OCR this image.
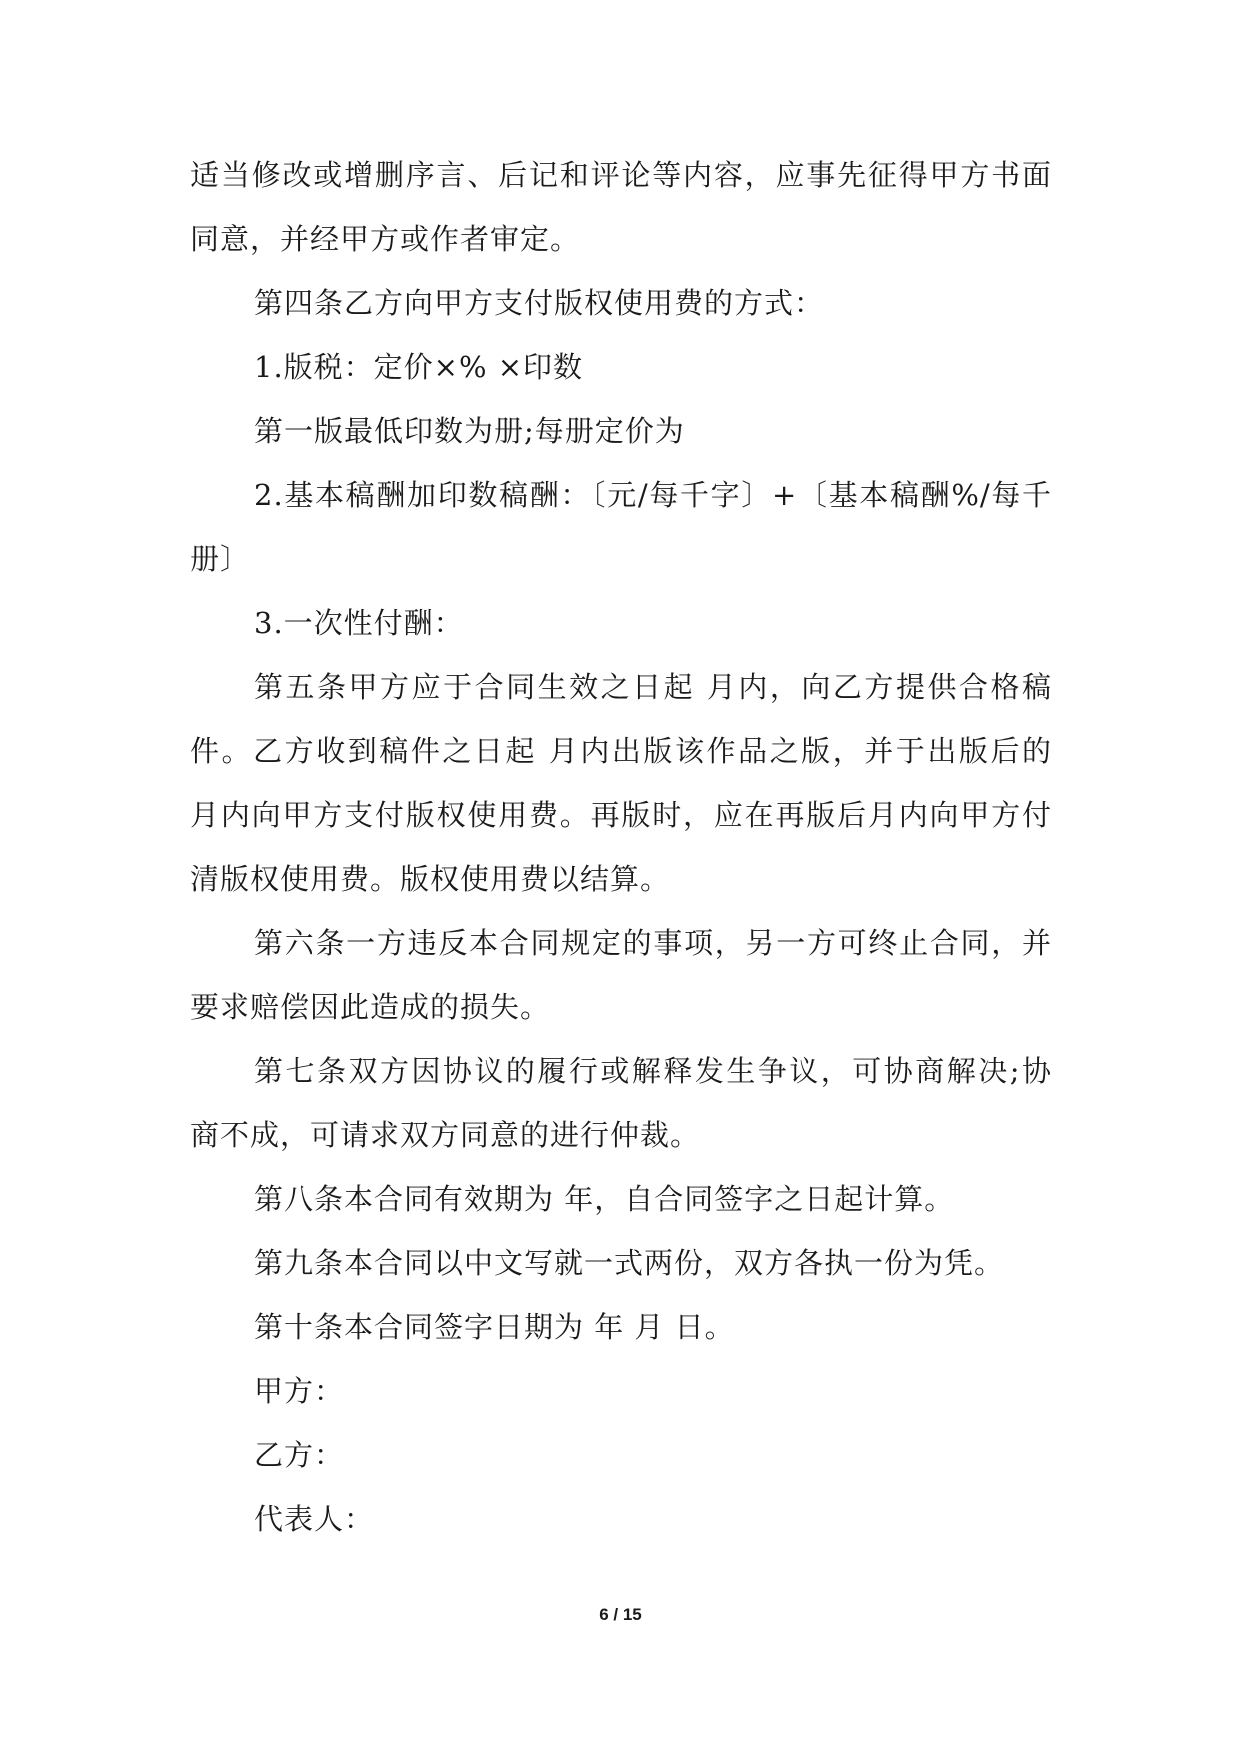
适当修改或增删序言、后记和评论等内容，应事先征得甲方书面
同意，并经甲方或作者审定。
第四条乙方向甲方支付版权使用费的方式：
1.版税：定价×% ×印数
第一版最低印数为册;每册定价为
2.基本稿酬加印数稿酬：〔元/每千字〕+〔基本稿酬%/每千
册〕
3.一次性付酬：
第五条甲方应于合同生效之日起 月内，向乙方提供合格稿
件。乙方收到稿件之日起 月内出版该作品之版，并于出版后的
月内向甲方支付版权使用费。再版时，应在再版后月内向甲方付
清版权使用费。版权使用费以结算。
第六条一方违反本合同规定的事项，另一方可终止合同，并
要求赔偿因此造成的损失。
第七条双方因协议的履行或解释发生争议，可协商解决;协
商不成，可请求双方同意的进行仲裁。
第八条本合同有效期为 年，自合同签字之日起计算。
第九条本合同以中文写就一式两份，双方各执一份为凭。
第十条本合同签字日期为 年 月 日。
甲方：
乙方：
代表人：
6 / 15
